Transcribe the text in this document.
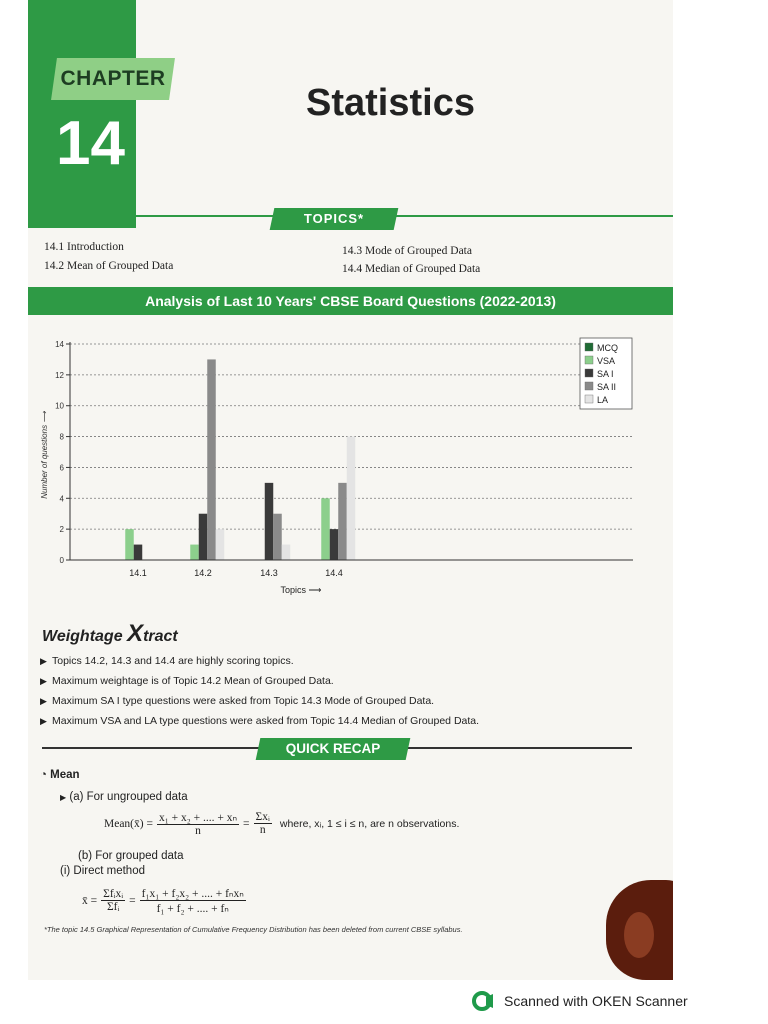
CHAPTER
14
Statistics
TOPICS*
14.1 Introduction
14.2 Mean of Grouped Data
14.3 Mode of Grouped Data
14.4 Median of Grouped Data
Analysis of Last 10 Years' CBSE Board Questions (2022-2013)
0
2
4
6
8
10
12
14
14.1	14.2	14.3	14.4
Number of questions ⟶
Topics ⟶
MCQ
VSA
SA I
SA II
LA
Weightage Xtract
▶ Topics 14.2, 14.3 and 14.4 are highly scoring topics.
▶ Maximum weightage is of Topic 14.2 Mean of Grouped Data.
▶ Maximum SA I type questions were asked from Topic 14.3 Mode of Grouped Data.
▶ Maximum VSA and LA type questions were asked from Topic 14.4 Median of Grouped Data.
QUICK RECAP
◔ Mean
▶ (a) For ungrouped data
Mean(x̄) = $\frac{\text{x₁ + x₂ + .... + xₙ}}{n} = \frac{\text{Σxᵢ}}{n}$ where, xᵢ, 1 ≤ i ≤ n, are n observations.
(b) For grouped data
(i) Direct method
x̄ = $\frac{\text{Σfᵢxᵢ}}{\text{Σfᵢ}} = \frac{\text{f₁x₁ + f₂x₂ + .... + fₙxₙ}}{\text{f₁ + f₂ + .... + fₙ}}$
*The topic 14.5 Graphical Representation of Cumulative Frequency Distribution has been deleted from current CBSE syllabus.
Scanned with OKEN Scanner
